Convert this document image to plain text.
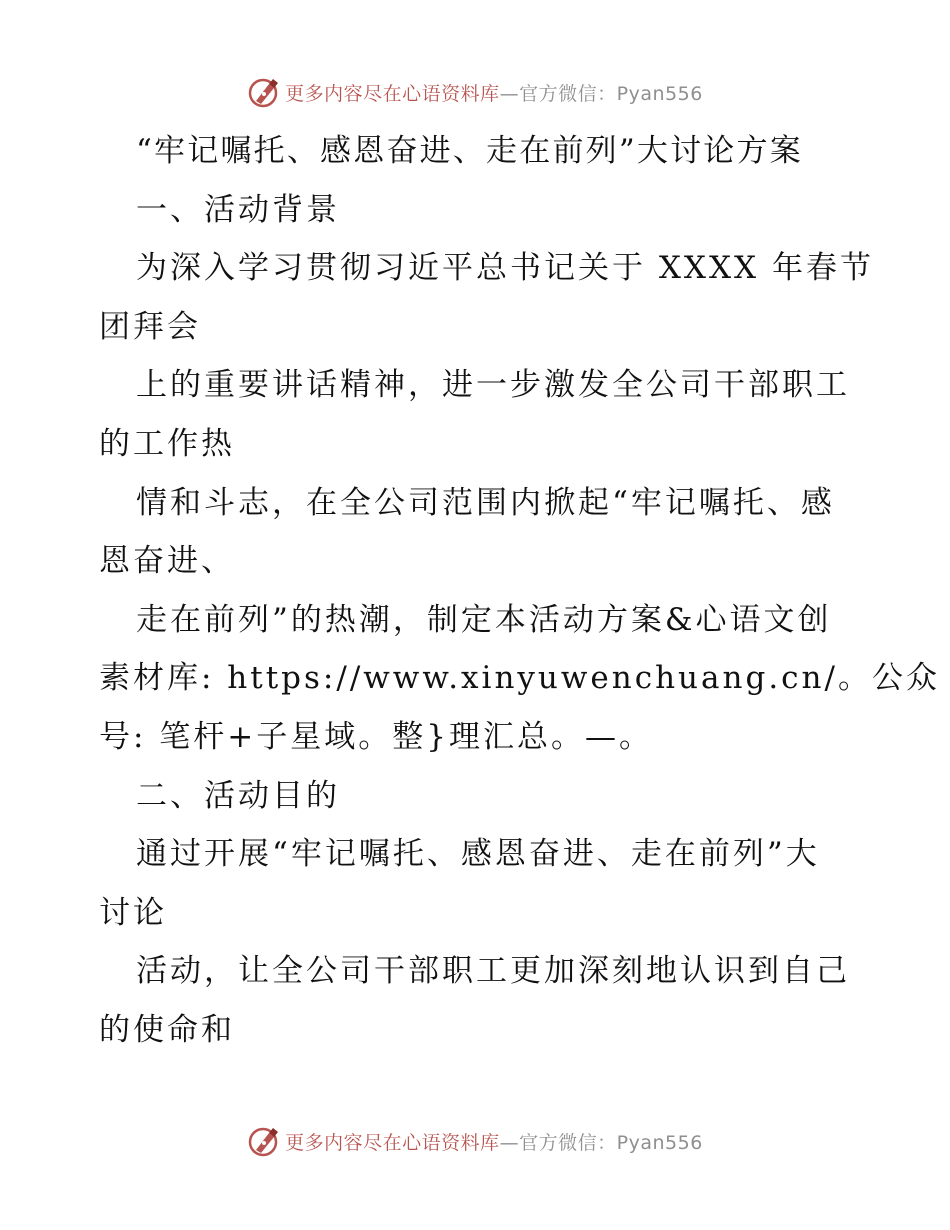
更多内容尽在心语资料库—官方微信：Pyan556
“牢记嘱托、感恩奋进、走在前列”大讨论方案
一、活动背景
为深入学习贯彻习近平总书记关于 XXXX 年春节
团拜会
上的重要讲话精神，进一步激发全公司干部职工
的工作热
情和斗志，在全公司范围内掀起“牢记嘱托、感
恩奋进、
走在前列”的热潮，制定本活动方案&心语文创
素材库: https://www.xinyuwenchuang.cn/。公众
号: 笔杆+子星域。整}理汇总。—。
二、活动目的
通过开展“牢记嘱托、感恩奋进、走在前列”大
讨论
活动，让全公司干部职工更加深刻地认识到自己
的使命和
更多内容尽在心语资料库—官方微信：Pyan556
